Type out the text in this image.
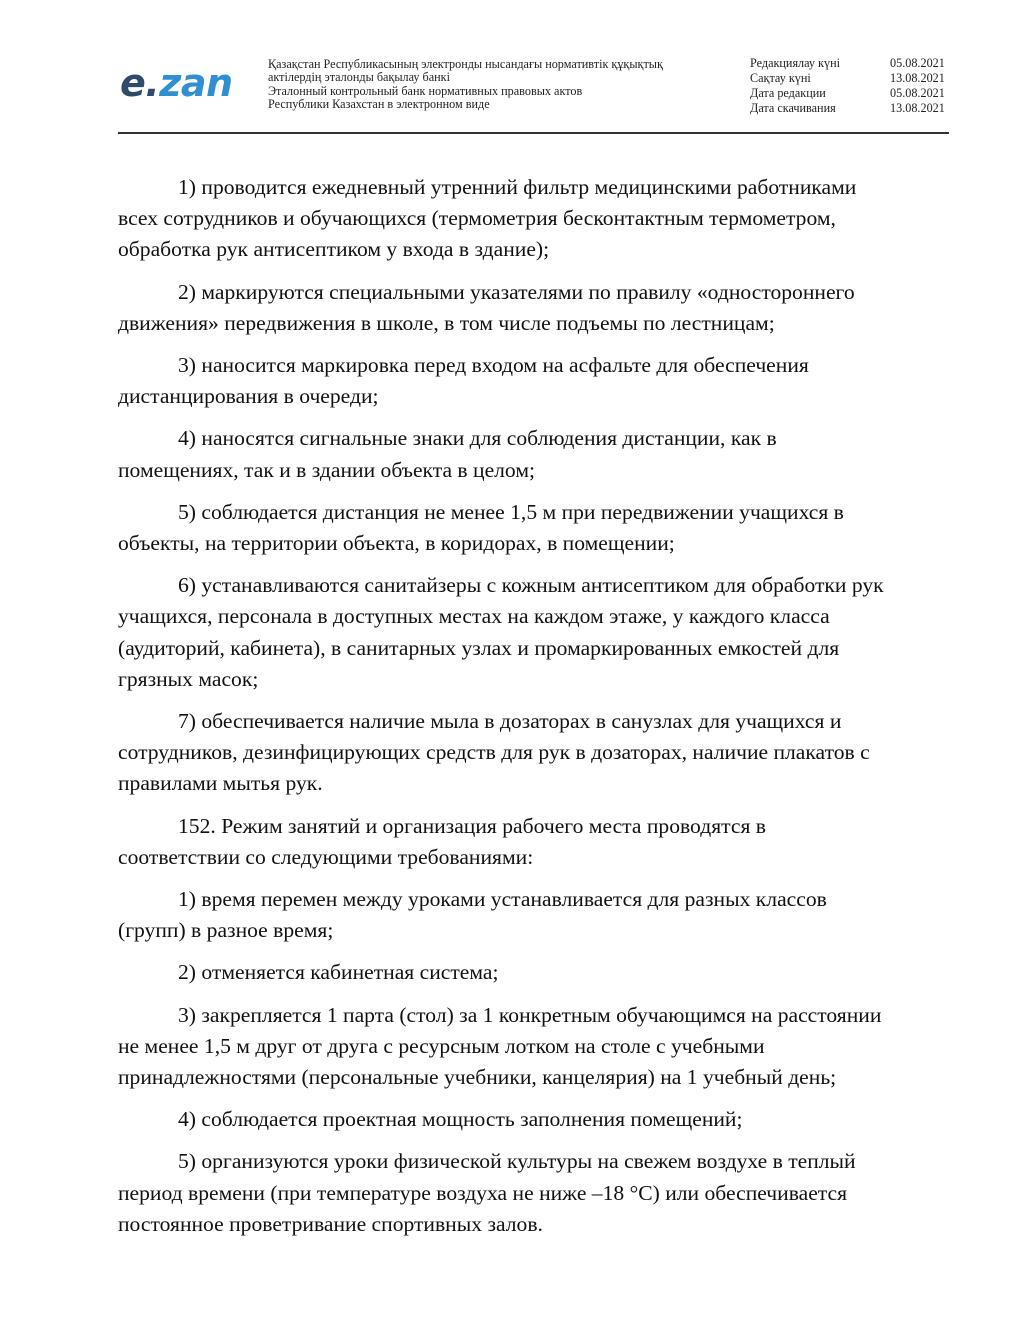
e.zan	Қазақстан Республикасының электронды нысандағы нормативтік құқықтық
актілердің эталонды бақылау банкі
Эталонный контрольный банк нормативных правовых актов
Республики Казахстан в электронном виде
Редакциялау күні	05.08.2021
Сақтау күні	13.08.2021
Дата редакции	05.08.2021
Дата скачивания	13.08.2021

1) проводится ежедневный утренний фильтр медицинскими работниками
всех сотрудников и обучающихся (термометрия бесконтактным термометром,
обработка рук антисептиком у входа в здание);

2) маркируются специальными указателями по правилу «одностороннего
движения» передвижения в школе, в том числе подъемы по лестницам;

3) наносится маркировка перед входом на асфальте для обеспечения
дистанцирования в очереди;

4) наносятся сигнальные знаки для соблюдения дистанции, как в
помещениях, так и в здании объекта в целом;

5) соблюдается дистанция не менее 1,5 м при передвижении учащихся в
объекты, на территории объекта, в коридорах, в помещении;

6) устанавливаются санитайзеры с кожным антисептиком для обработки рук
учащихся, персонала в доступных местах на каждом этаже, у каждого класса
(аудиторий, кабинета), в санитарных узлах и промаркированных емкостей для
грязных масок;

7) обеспечивается наличие мыла в дозаторах в санузлах для учащихся и
сотрудников, дезинфицирующих средств для рук в дозаторах, наличие плакатов с
правилами мытья рук.

152. Режим занятий и организация рабочего места проводятся в
соответствии со следующими требованиями:

1) время перемен между уроками устанавливается для разных классов
(групп) в разное время;

2) отменяется кабинетная система;

3) закрепляется 1 парта (стол) за 1 конкретным обучающимся на расстоянии
не менее 1,5 м друг от друга с ресурсным лотком на столе с учебными
принадлежностями (персональные учебники, канцелярия) на 1 учебный день;

4) соблюдается проектная мощность заполнения помещений;

5) организуются уроки физической культуры на свежем воздухе в теплый
период времени (при температуре воздуха не ниже –18 °С) или обеспечивается
постоянное проветривание спортивных залов.
